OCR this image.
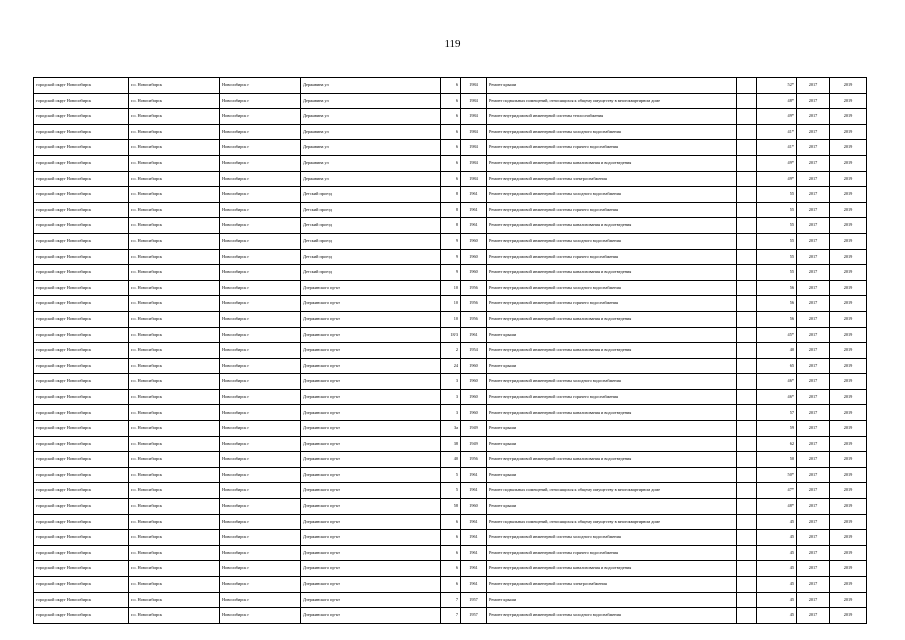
119
городской округ Новосибирск	г.о. Новосибирск	Новосибирск г	Державина ул	6	1984	Ремонт крыши		52*	2017	2019
городской округ Новосибирск	г.о. Новосибирск	Новосибирск г	Державина ул	6	1984	Ремонт подвальных помещений, относящихся к общему имуществу в многоквартирном доме		48*	2017	2019
городской округ Новосибирск	г.о. Новосибирск	Новосибирск г	Державина ул	6	1984	Ремонт внутридомовой инженерной системы теплоснабжения		49*	2017	2019
городской округ Новосибирск	г.о. Новосибирск	Новосибирск г	Державина ул	6	1984	Ремонт внутридомовой инженерной системы холодного водоснабжения		41*	2017	2019
городской округ Новосибирск	г.о. Новосибирск	Новосибирск г	Державина ул	6	1984	Ремонт внутридомовой инженерной системы горячего водоснабжения		41*	2017	2019
городской округ Новосибирск	г.о. Новосибирск	Новосибирск г	Державина ул	6	1984	Ремонт внутридомовой инженерной системы канализования и водоотведения		49*	2017	2019
городской округ Новосибирск	г.о. Новосибирск	Новосибирск г	Державина ул	6	1984	Ремонт внутридомовой инженерной системы электроснабжения		49*	2017	2019
городской округ Новосибирск	г.о. Новосибирск	Новосибирск г	Детский проезд	8	1961	Ремонт внутридомовой инженерной системы холодного водоснабжения		55	2017	2019
городской округ Новосибирск	г.о. Новосибирск	Новосибирск г	Детский проезд	8	1961	Ремонт внутридомовой инженерной системы горячего водоснабжения		55	2017	2019
городской округ Новосибирск	г.о. Новосибирск	Новосибирск г	Детский проезд	8	1961	Ремонт внутридомовой инженерной системы канализования и водоотведения		55	2017	2019
городской округ Новосибирск	г.о. Новосибирск	Новосибирск г	Детский проезд	9	1960	Ремонт внутридомовой инженерной системы холодного водоснабжения		55	2017	2019
городской округ Новосибирск	г.о. Новосибирск	Новосибирск г	Детский проезд	9	1960	Ремонт внутридомовой инженерной системы горячего водоснабжения		55	2017	2019
городской округ Новосибирск	г.о. Новосибирск	Новосибирск г	Детский проезд	9	1960	Ремонт внутридомовой инженерной системы канализования и водоотведения		55	2017	2019
городской округ Новосибирск	г.о. Новосибирск	Новосибирск г	Дзержинского пр-кт	10	1956	Ремонт внутридомовой инженерной системы холодного водоснабжения		56	2017	2019
городской округ Новосибирск	г.о. Новосибирск	Новосибирск г	Дзержинского пр-кт	10	1956	Ремонт внутридомовой инженерной системы горячего водоснабжения		56	2017	2019
городской округ Новосибирск	г.о. Новосибирск	Новосибирск г	Дзержинского пр-кт	10	1956	Ремонт внутридомовой инженерной системы канализования и водоотведения		56	2017	2019
городской округ Новосибирск	г.о. Новосибирск	Новосибирск г	Дзержинского пр-кт	18/3	1961	Ремонт крыши		45*	2017	2019
городской округ Новосибирск	г.о. Новосибирск	Новосибирск г	Дзержинского пр-кт	2	1954	Ремонт внутридомовой инженерной системы канализования и водоотведения		40	2017	2019
городской округ Новосибирск	г.о. Новосибирск	Новосибирск г	Дзержинского пр-кт	24	1960	Ремонт крыши		65	2017	2019
городской округ Новосибирск	г.о. Новосибирск	Новосибирск г	Дзержинского пр-кт	3	1960	Ремонт внутридомовой инженерной системы холодного водоснабжения		46*	2017	2019
городской округ Новосибирск	г.о. Новосибирск	Новосибирск г	Дзержинского пр-кт	3	1960	Ремонт внутридомовой инженерной системы горячего водоснабжения		46*	2017	2019
городской округ Новосибирск	г.о. Новосибирск	Новосибирск г	Дзержинского пр-кт	3	1960	Ремонт внутридомовой инженерной системы канализования и водоотведения		57	2017	2019
городской округ Новосибирск	г.о. Новосибирск	Новосибирск г	Дзержинского пр-кт	3а	1949	Ремонт крыши		59	2017	2019
городской округ Новосибирск	г.о. Новосибирск	Новосибирск г	Дзержинского пр-кт	38	1949	Ремонт крыши		62	2017	2019
городской округ Новосибирск	г.о. Новосибирск	Новосибирск г	Дзержинского пр-кт	40	1956	Ремонт внутридомовой инженерной системы канализования и водоотведения		50	2017	2019
городской округ Новосибирск	г.о. Новосибирск	Новосибирск г	Дзержинского пр-кт	5	1961	Ремонт крыши		50*	2017	2019
городской округ Новосибирск	г.о. Новосибирск	Новосибирск г	Дзержинского пр-кт	5	1961	Ремонт подвальных помещений, относящихся к общему имуществу в многоквартирном доме		47*	2017	2019
городской округ Новосибирск	г.о. Новосибирск	Новосибирск г	Дзержинского пр-кт	58	1960	Ремонт крыши		48*	2017	2019
городской округ Новосибирск	г.о. Новосибирск	Новосибирск г	Дзержинского пр-кт	6	1961	Ремонт подвальных помещений, относящихся к общему имуществу в многоквартирном доме		45	2017	2019
городской округ Новосибирск	г.о. Новосибирск	Новосибирск г	Дзержинского пр-кт	6	1961	Ремонт внутридомовой инженерной системы холодного водоснабжения		45	2017	2019
городской округ Новосибирск	г.о. Новосибирск	Новосибирск г	Дзержинского пр-кт	6	1961	Ремонт внутридомовой инженерной системы горячего водоснабжения		45	2017	2019
городской округ Новосибирск	г.о. Новосибирск	Новосибирск г	Дзержинского пр-кт	6	1961	Ремонт внутридомовой инженерной системы канализования и водоотведения		45	2017	2019
городской округ Новосибирск	г.о. Новосибирск	Новосибирск г	Дзержинского пр-кт	6	1961	Ремонт внутридомовой инженерной системы электроснабжения		45	2017	2019
городской округ Новосибирск	г.о. Новосибирск	Новосибирск г	Дзержинского пр-кт	7	1957	Ремонт крыши		45	2017	2019
городской округ Новосибирск	г.о. Новосибирск	Новосибирск г	Дзержинского пр-кт	7	1957	Ремонт внутридомовой инженерной системы холодного водоснабжения		45	2017	2019
